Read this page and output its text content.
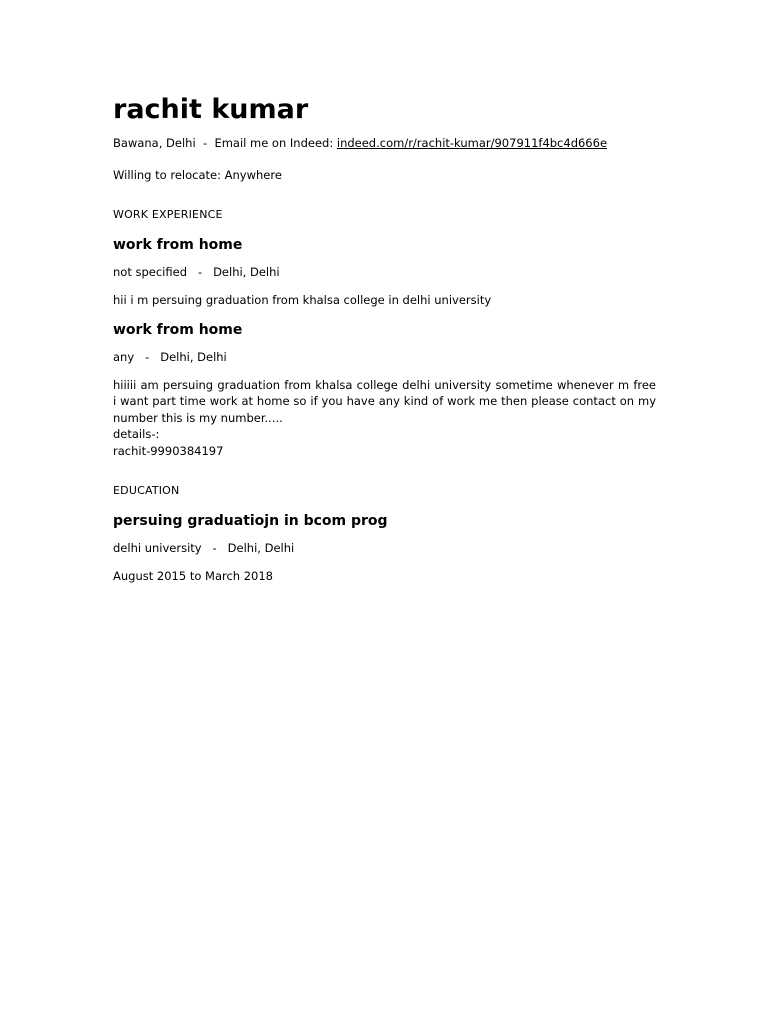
rachit kumar
Bawana, Delhi  -  Email me on Indeed: indeed.com/r/rachit-kumar/907911f4bc4d666e
Willing to relocate: Anywhere
WORK EXPERIENCE
work from home
not specified   -   Delhi, Delhi
hii i m persuing graduation from khalsa college in delhi university
work from home
any   -   Delhi, Delhi
hiiiii am persuing graduation from khalsa college delhi university sometime whenever m free i want part time work at home so if you have any kind of work me then please contact on my number this is my number.....
details-:
rachit-9990384197
EDUCATION
persuing graduatiojn in bcom prog
delhi university   -   Delhi, Delhi
August 2015 to March 2018
